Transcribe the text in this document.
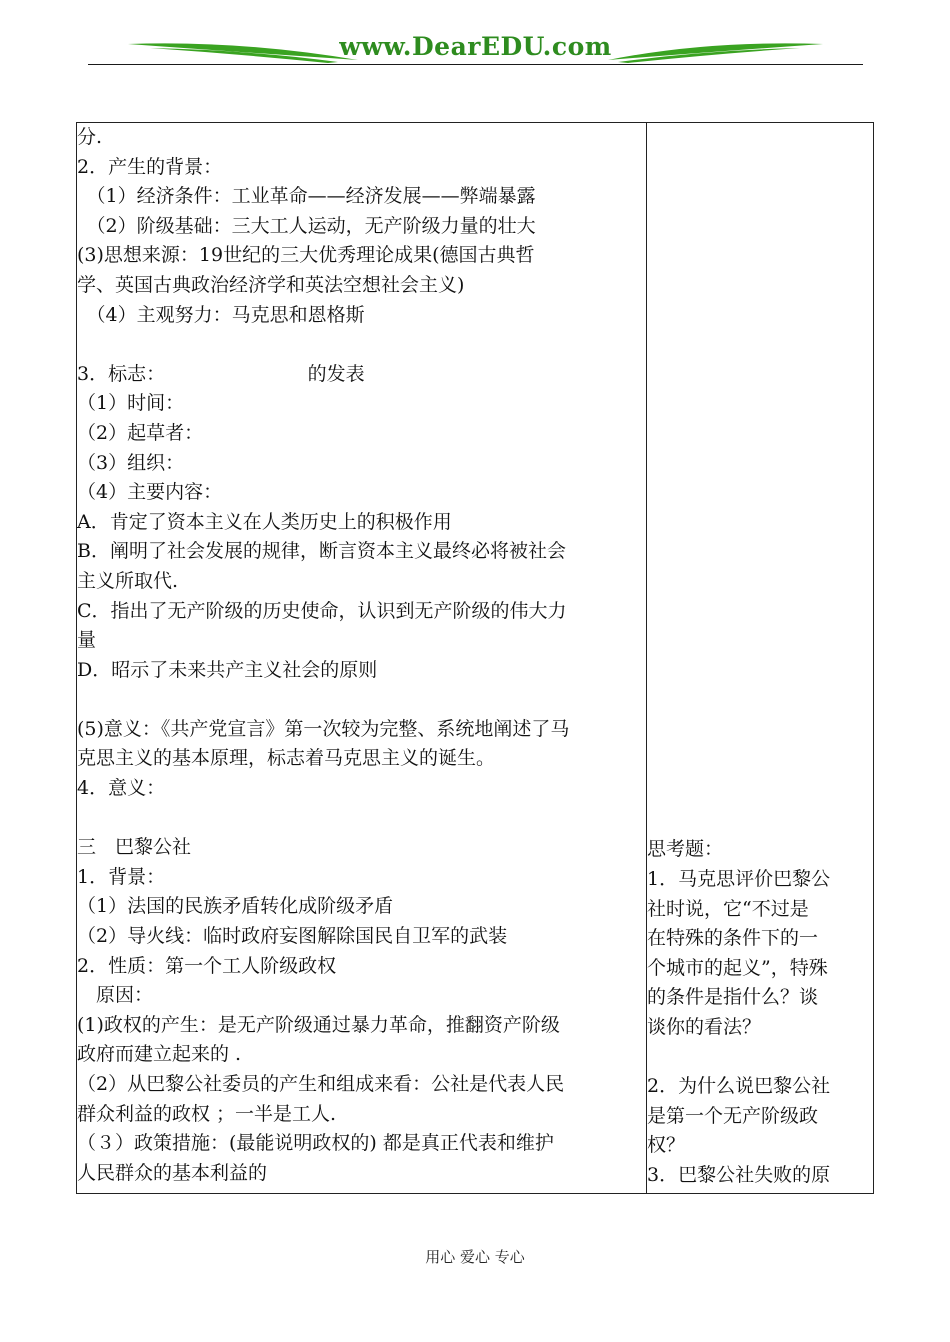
www.DearEDU.com
分.
2．产生的背景：
　（1）经济条件：工业革命——经济发展——弊端暴露
　（2）阶级基础：三大工人运动，无产阶级力量的壮大
(3)思想来源：19世纪的三大优秀理论成果(德国古典哲
学、英国古典政治经济学和英法空想社会主义)
　（4）主观努力：马克思和恩格斯
3．标志：　　　　　　　　的发表
（1）时间：
（2）起草者：
（3）组织：
（4）主要内容：
A．肯定了资本主义在人类历史上的积极作用
B．阐明了社会发展的规律，断言资本主义最终必将被社会
主义所取代.
C．指出了无产阶级的历史使命，认识到无产阶级的伟大力
量
D．昭示了未来共产主义社会的原则
(5)意义：《共产党宣言》第一次较为完整、系统地阐述了马
克思主义的基本原理，标志着马克思主义的诞生。
4．意义：
三　巴黎公社
1．背景：
（1）法国的民族矛盾转化成阶级矛盾
（2）导火线：临时政府妄图解除国民自卫军的武装
2．性质：第一个工人阶级政权
　原因：
(1)政权的产生：是无产阶级通过暴力革命，推翻资产阶级
政府而建立起来的 .
（2）从巴黎公社委员的产生和组成来看：公社是代表人民
群众利益的政权 ；一半是工人.
（３）政策措施：(最能说明政权的) 都是真正代表和维护
人民群众的基本利益的

思考题：
1．马克思评价巴黎公
社时说，它“不过是
在特殊的条件下的一
个城市的起义”，特殊
的条件是指什么？谈
谈你的看法？
2．为什么说巴黎公社
是第一个无产阶级政
权？
3．巴黎公社失败的原
用心 爱心 专心
